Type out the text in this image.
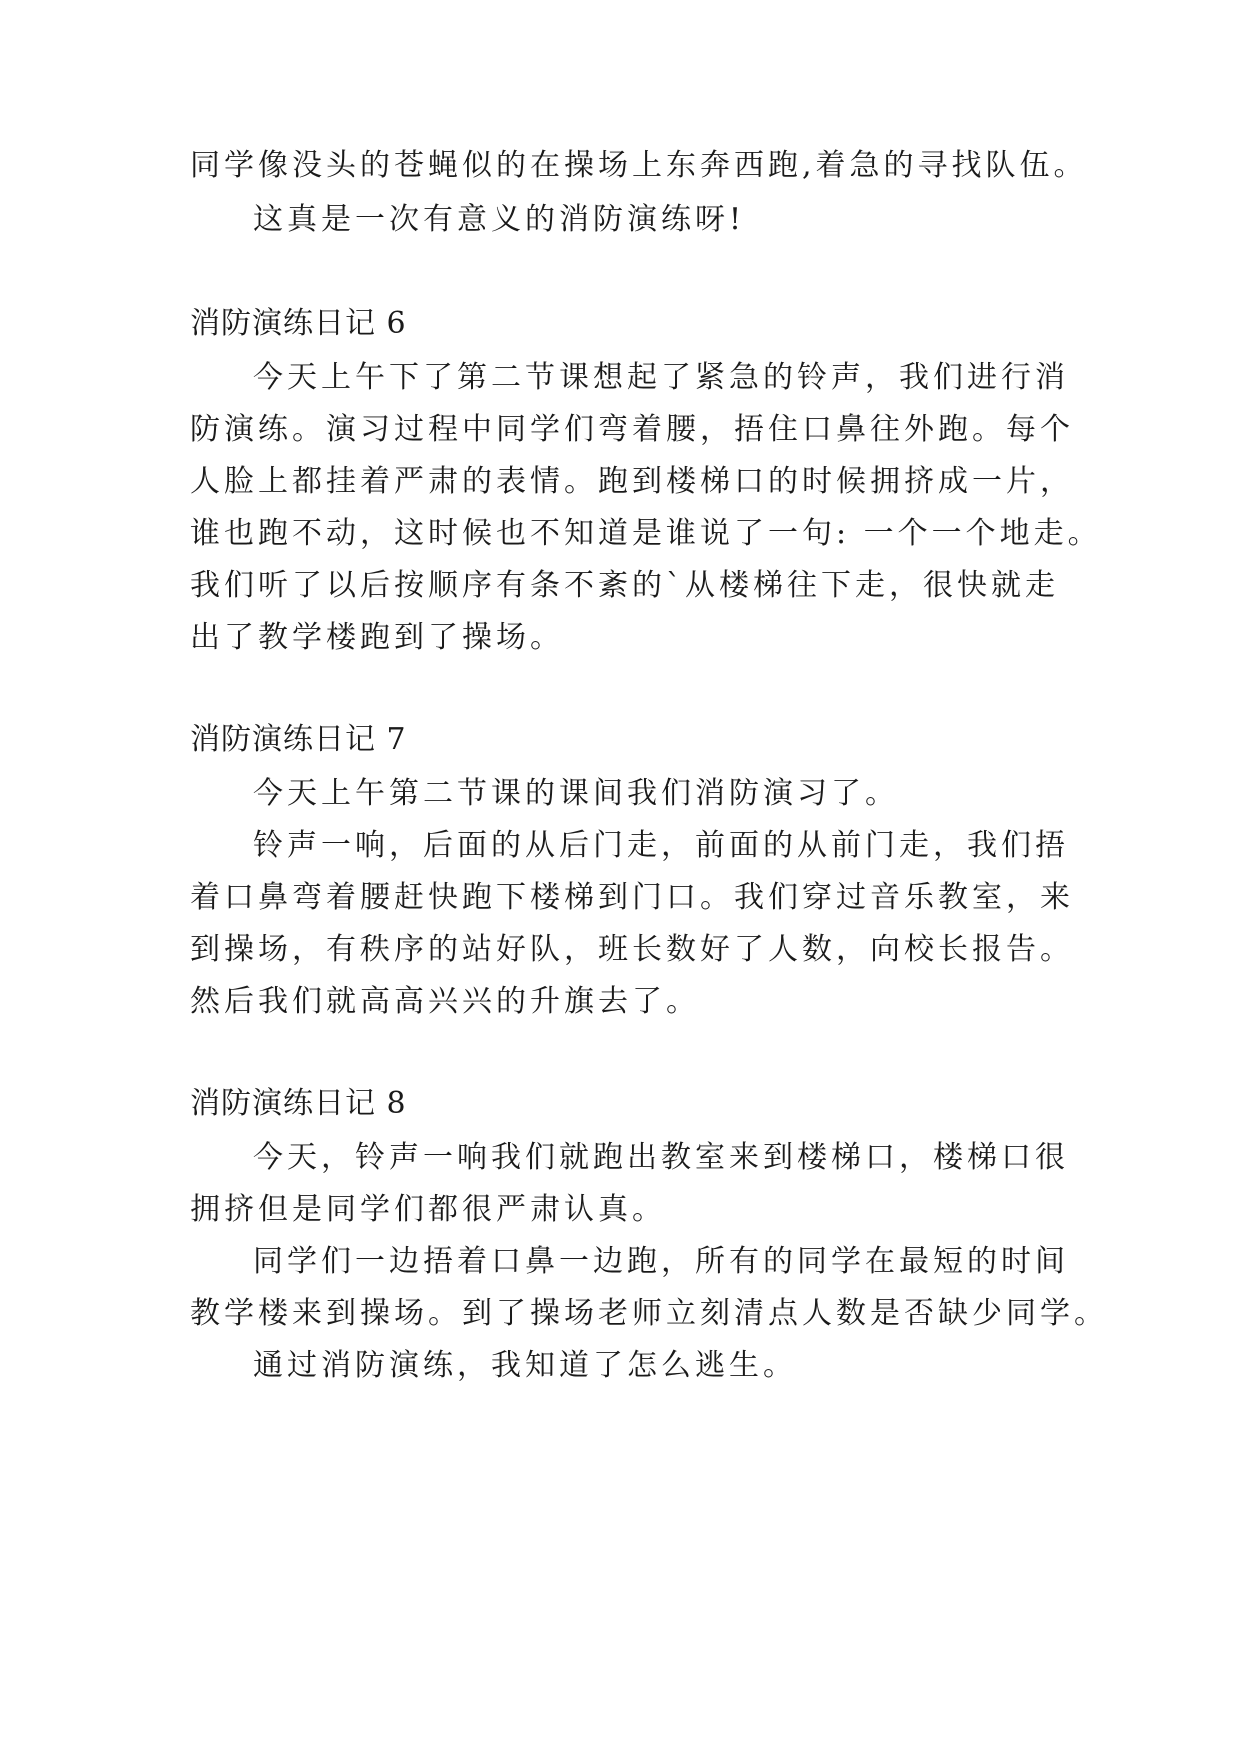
同学像没头的苍蝇似的在操场上东奔西跑,着急的寻找队伍。
这真是一次有意义的消防演练呀!
消防演练日记 6
今天上午下了第二节课想起了紧急的铃声，我们进行消
防演练。演习过程中同学们弯着腰，捂住口鼻往外跑。每个
人脸上都挂着严肃的表情。跑到楼梯口的时候拥挤成一片，
谁也跑不动，这时候也不知道是谁说了一句: 一个一个地走。
我们听了以后按顺序有条不紊的`从楼梯往下走，很快就走
出了教学楼跑到了操场。
消防演练日记 7
今天上午第二节课的课间我们消防演习了。
铃声一响，后面的从后门走，前面的从前门走，我们捂
着口鼻弯着腰赶快跑下楼梯到门口。我们穿过音乐教室，来
到操场，有秩序的站好队，班长数好了人数，向校长报告。
然后我们就高高兴兴的升旗去了。
消防演练日记 8
今天，铃声一响我们就跑出教室来到楼梯口，楼梯口很
拥挤但是同学们都很严肃认真。
同学们一边捂着口鼻一边跑，所有的同学在最短的时间
教学楼来到操场。到了操场老师立刻清点人数是否缺少同学。
通过消防演练，我知道了怎么逃生。
